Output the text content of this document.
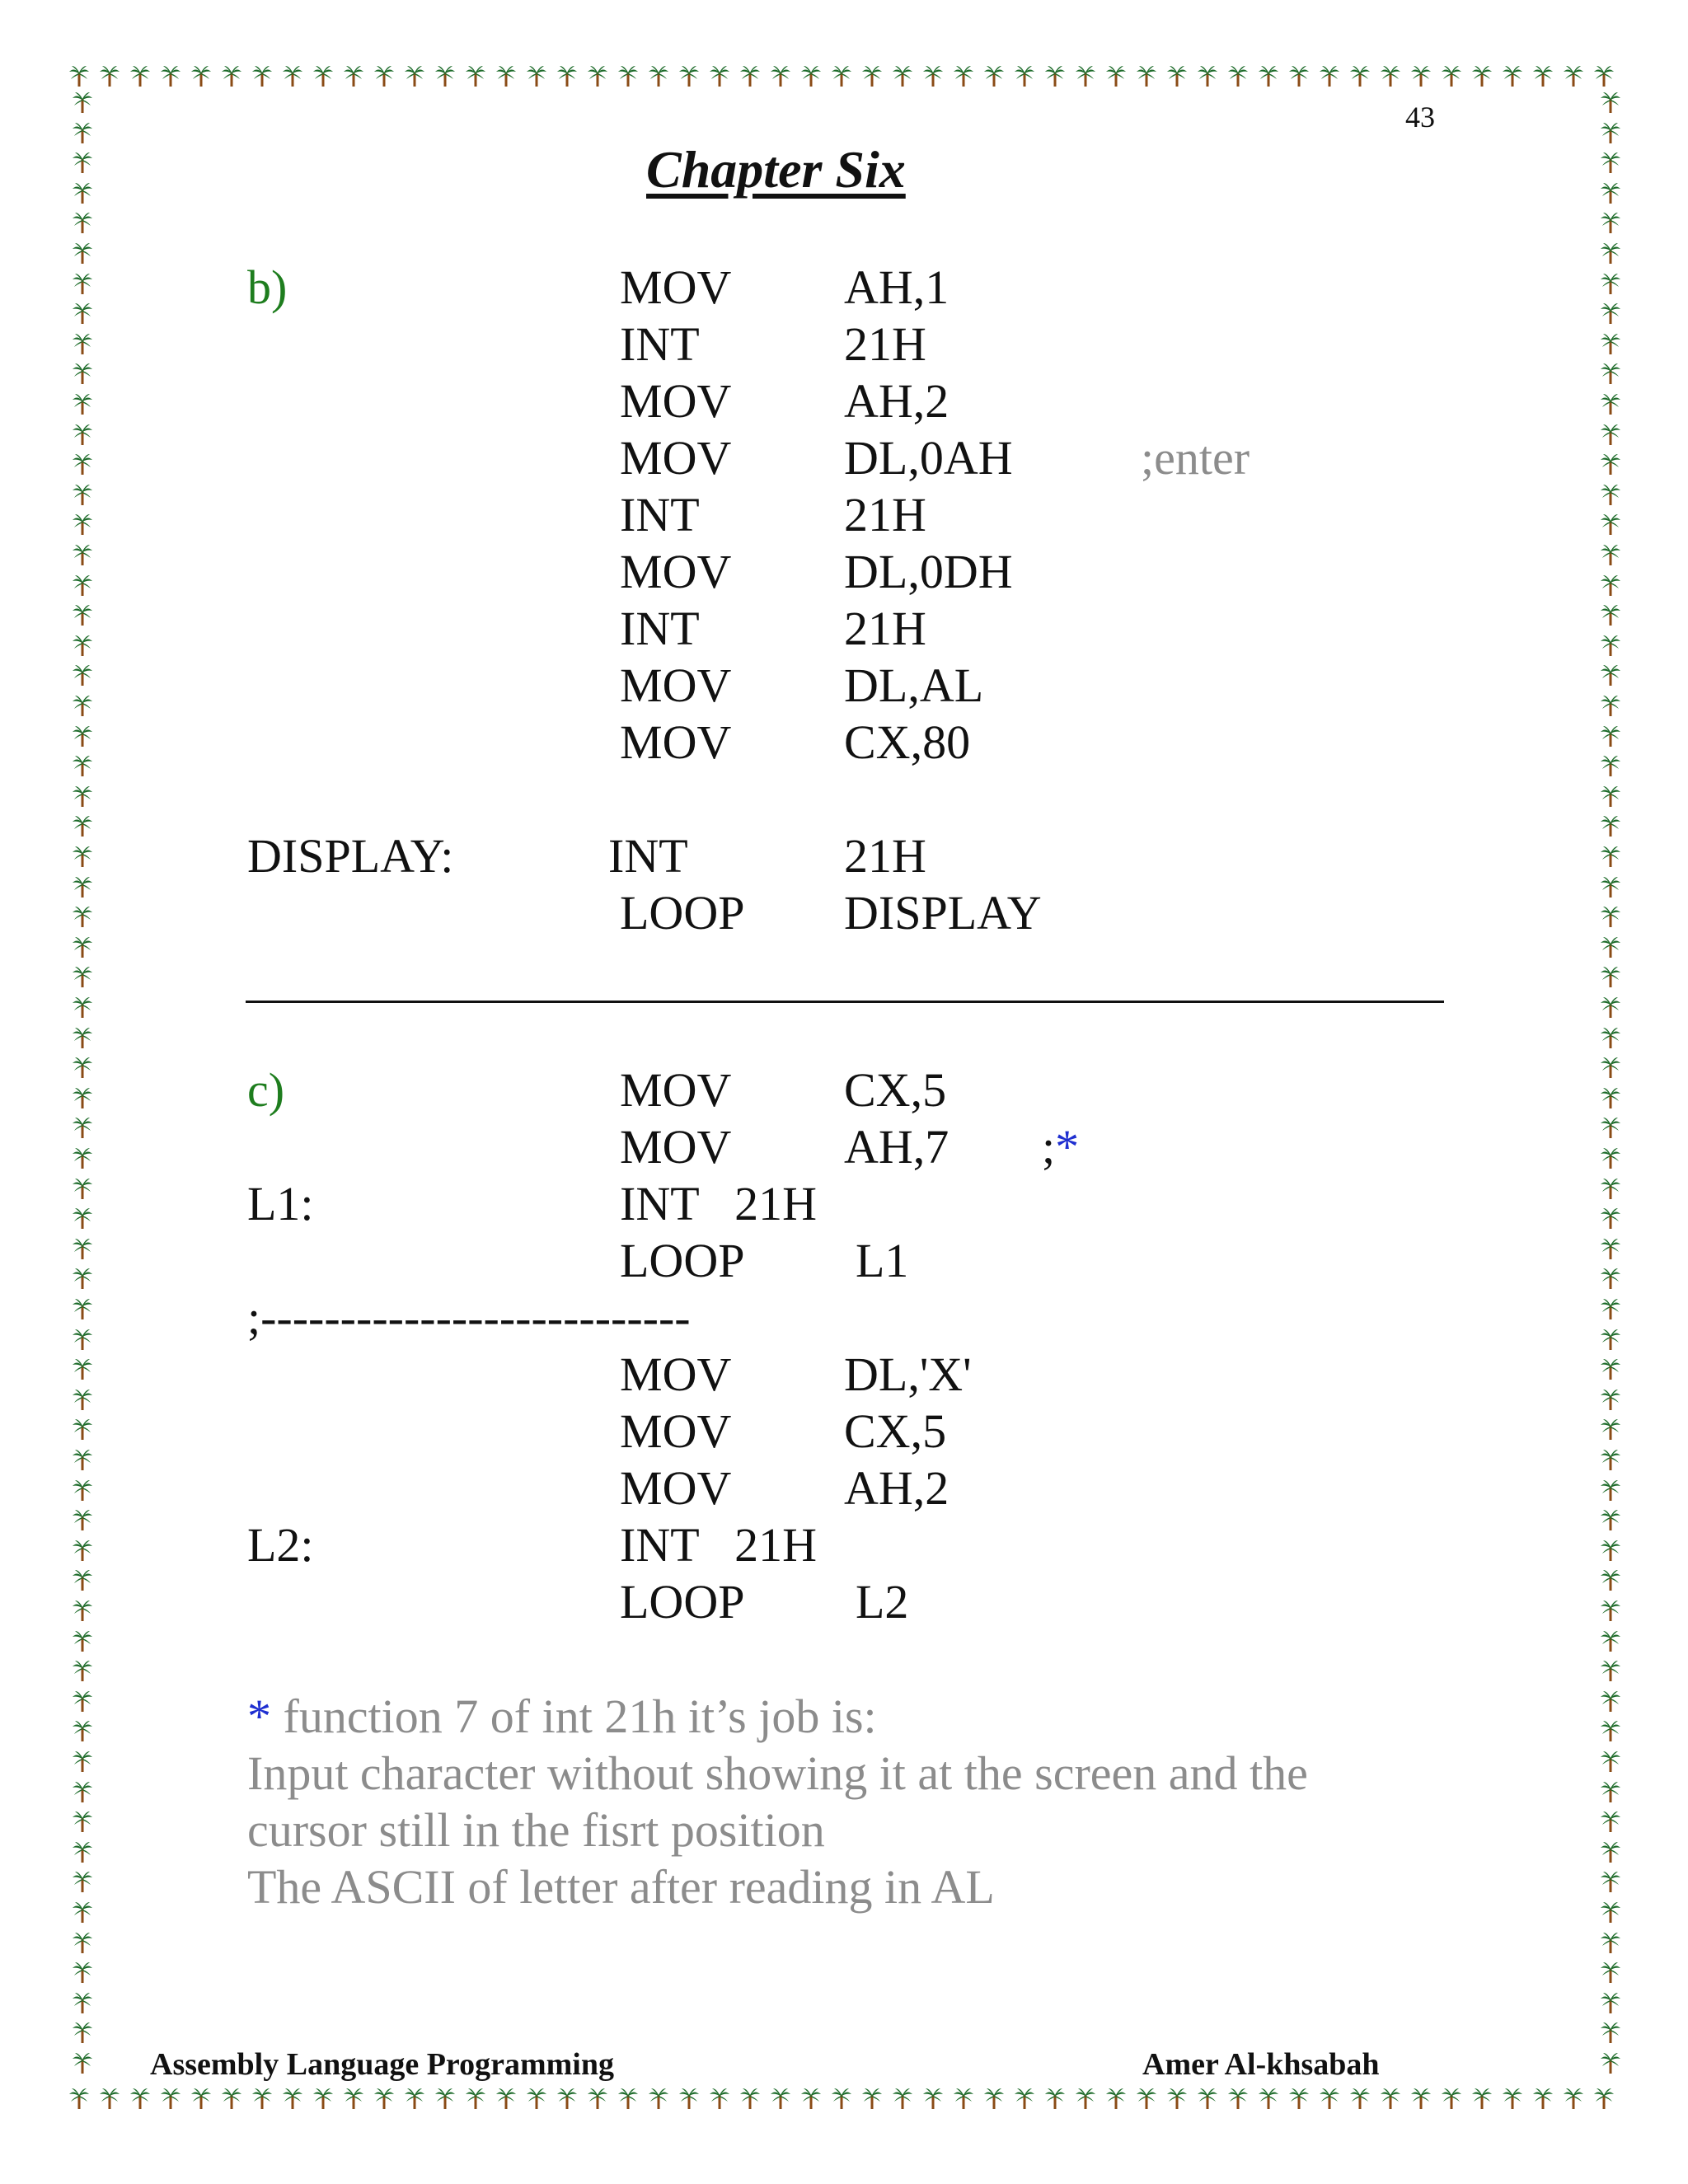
43
Chapter Six
b)	MOV AH,1
INT	21H
MOV AH,2
MOV DL,0AH	;enter
INT	21H
MOV DL,0DH
INT	21H
MOV DL,AL
MOV CX,80
DISPLAY:	INT	21H
LOOP DISPLAY
c)	MOV CX,5
MOV AH,7 ;*
L1:	INT   21H
LOOP L1
;---------------------------
MOV DL,'X'
MOV CX,5
MOV AH,2
L2:	INT   21H
LOOP L2
* function 7 of int 21h it’s job is:
Input character without showing it at the screen and the
cursor still in the fisrt position
The ASCII of letter after reading in AL
Assembly Language Programming	Amer Al-khsabah
